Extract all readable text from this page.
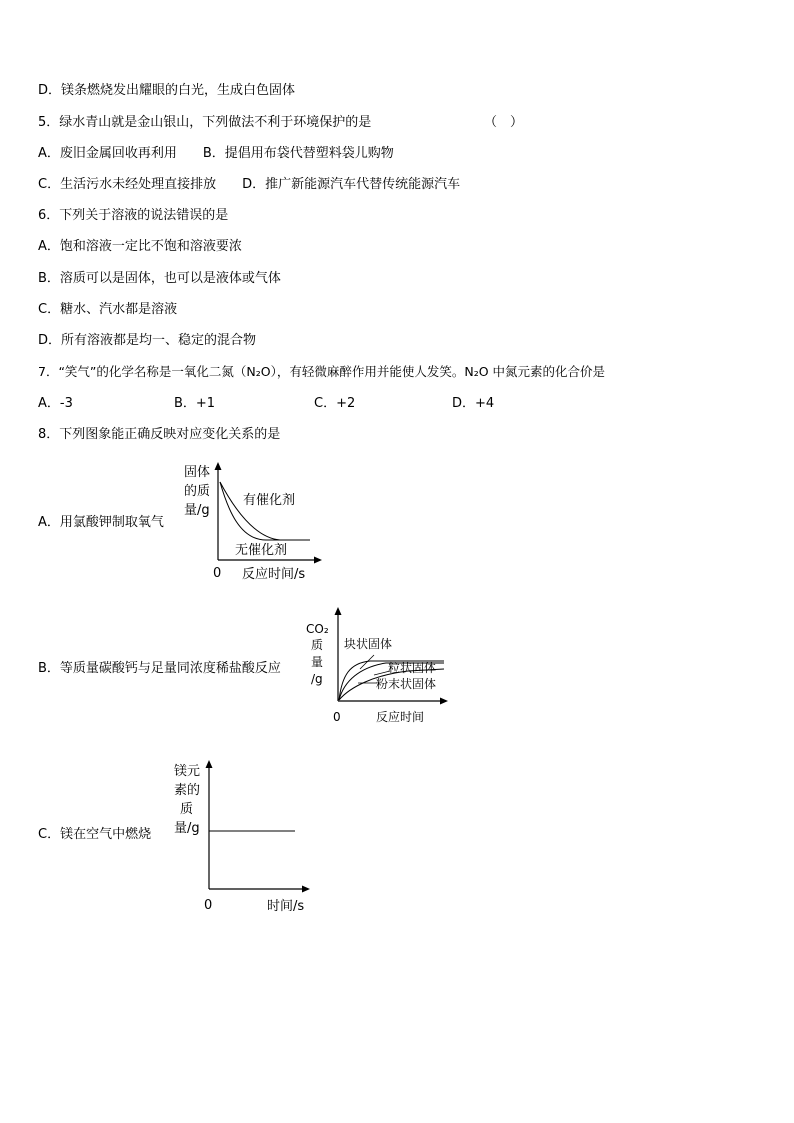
D．镁条燃烧发出耀眼的白光，生成白色固体
5．绿水青山就是金山银山，下列做法不利于环境保护的是	（　）
A．废旧金属回收再利用　　B．提倡用布袋代替塑料袋儿购物
C．生活污水未经处理直接排放　　D．推广新能源汽车代替传统能源汽车
6．下列关于溶液的说法错误的是
A．饱和溶液一定比不饱和溶液要浓
B．溶质可以是固体，也可以是液体或气体
C．糖水、汽水都是溶液
D．所有溶液都是均一、稳定的混合物
7．“笑气”的化学名称是一氧化二氮（N₂O），有轻微麻醉作用并能使人发笑。N₂O 中氮元素的化合价是
A．-3	B．+1	C．+2	D．+4
8．下列图象能正确反映对应变化关系的是
A．用氯酸钾制取氧气
固体
的质
量/g
有催化剂
无催化剂
0 反应时间/s
B．等质量碳酸钙与足量同浓度稀盐酸反应
CO₂
质
量
/g
块状固体
粒状固体
粉末状固体
0	反应时间
C．镁在空气中燃烧
镁元
素的
质
量/g
0	时间/s
